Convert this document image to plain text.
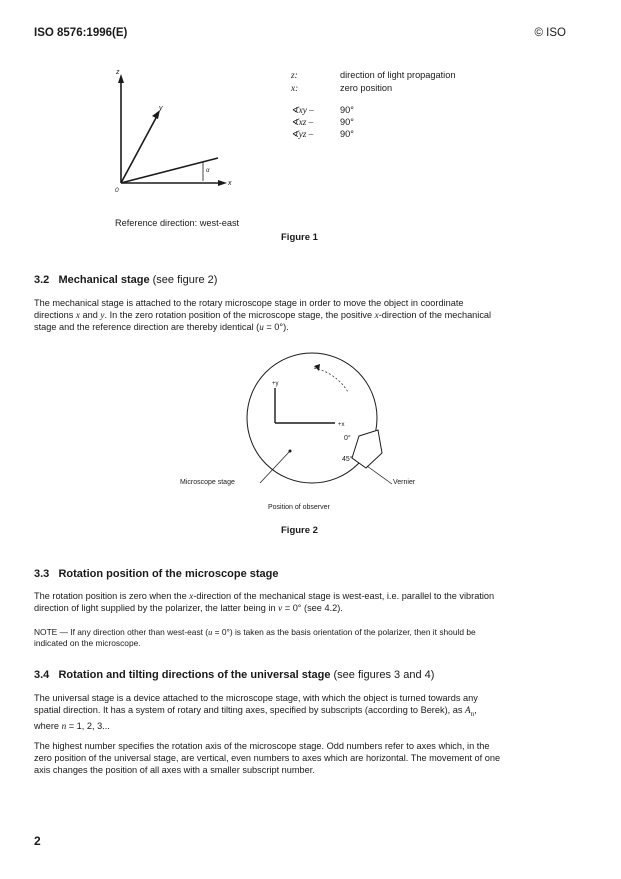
ISO 8576:1996(E)	© ISO
z
y
x
0
α
z:	direction of light propagation
x:	zero position
∢xy –	90°
∢xz –	90°
∢yz –	90°
Reference direction: west-east
Figure 1
3.2 Mechanical stage (see figure 2)

The mechanical stage is attached to the rotary microscope stage in order to move the object in coordinate

directions x and y. In the zero rotation position of the microscope stage, the positive x-direction of the mechanical

stage and the reference direction are thereby identical (u = 0°).

+y
+x
0°
45°
Microscope stage	Vernier
Position of observer
Figure 2
3.3 Rotation position of the microscope stage

The rotation position is zero when the x-direction of the mechanical stage is west-east, i.e. parallel to the vibration

direction of light supplied by the polarizer, the latter being in v = 0° (see 4.2).

NOTE — If any direction other than west-east (u = 0°) is taken as the basis orientation of the polarizer, then it should be

indicated on the microscope.

3.4 Rotation and tilting directions of the universal stage (see figures 3 and 4)

The universal stage is a device attached to the microscope stage, with which the object is turned towards any

spatial direction. It has a system of rotary and tilting axes, specified by subscripts (according to Berek), as $A_n$,

where n = 1, 2, 3...

The highest number specifies the rotation axis of the microscope stage. Odd numbers refer to axes which, in the

zero position of the universal stage, are vertical, even numbers to axes which are horizontal. The movement of one

axis changes the position of all axes with a smaller subscript number.

2
